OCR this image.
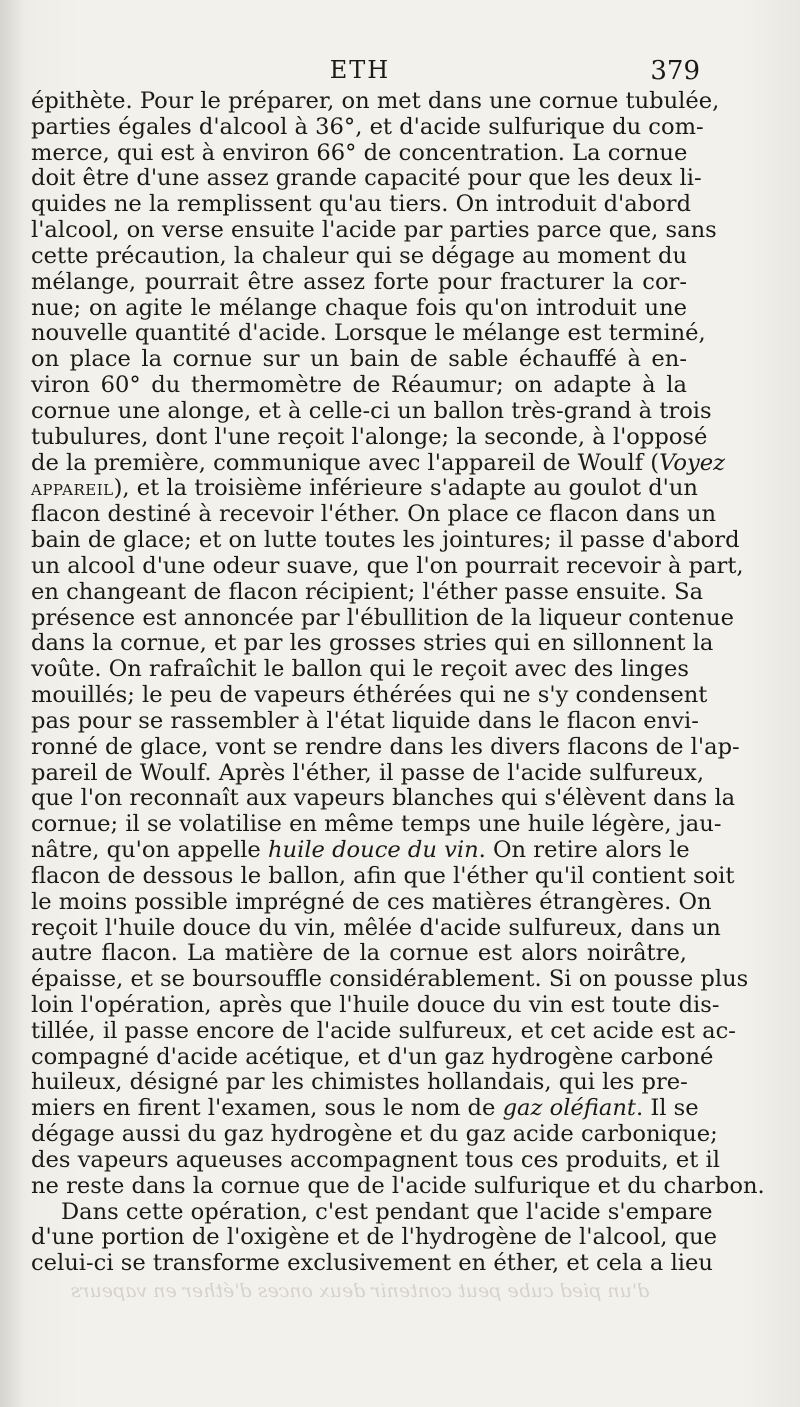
ETH	379
épithète. Pour le préparer, on met dans une cornue tubulée,
parties égales d'alcool à 36°, et d'acide sulfurique du com-
merce, qui est à environ 66° de concentration. La cornue
doit être d'une assez grande capacité pour que les deux li-
quides ne la remplissent qu'au tiers. On introduit d'abord
l'alcool, on verse ensuite l'acide par parties parce que, sans
cette précaution, la chaleur qui se dégage au moment du
mélange, pourrait être assez forte pour fracturer la cor-
nue; on agite le mélange chaque fois qu'on introduit une
nouvelle quantité d'acide. Lorsque le mélange est terminé,
on place la cornue sur un bain de sable échauffé à en-
viron 60° du thermomètre de Réaumur; on adapte à la
cornue une alonge, et à celle-ci un ballon très-grand à trois
tubulures, dont l'une reçoit l'alonge; la seconde, à l'opposé
de la première, communique avec l'appareil de Woulf (Voyez
APPAREIL), et la troisième inférieure s'adapte au goulot d'un
flacon destiné à recevoir l'éther. On place ce flacon dans un
bain de glace; et on lutte toutes les jointures; il passe d'abord
un alcool d'une odeur suave, que l'on pourrait recevoir à part,
en changeant de flacon récipient; l'éther passe ensuite. Sa
présence est annoncée par l'ébullition de la liqueur contenue
dans la cornue, et par les grosses stries qui en sillonnent la
voûte. On rafraîchit le ballon qui le reçoit avec des linges
mouillés; le peu de vapeurs éthérées qui ne s'y condensent
pas pour se rassembler à l'état liquide dans le flacon envi-
ronné de glace, vont se rendre dans les divers flacons de l'ap-
pareil de Woulf. Après l'éther, il passe de l'acide sulfureux,
que l'on reconnaît aux vapeurs blanches qui s'élèvent dans la
cornue; il se volatilise en même temps une huile légère, jau-
nâtre, qu'on appelle huile douce du vin. On retire alors le
flacon de dessous le ballon, afin que l'éther qu'il contient soit
le moins possible imprégné de ces matières étrangères. On
reçoit l'huile douce du vin, mêlée d'acide sulfureux, dans un
autre flacon. La matière de la cornue est alors noirâtre,
épaisse, et se boursouffle considérablement. Si on pousse plus
loin l'opération, après que l'huile douce du vin est toute dis-
tillée, il passe encore de l'acide sulfureux, et cet acide est ac-
compagné d'acide acétique, et d'un gaz hydrogène carboné
huileux, désigné par les chimistes hollandais, qui les pre-
miers en firent l'examen, sous le nom de gaz oléfiant. Il se
dégage aussi du gaz hydrogène et du gaz acide carbonique;
des vapeurs aqueuses accompagnent tous ces produits, et il
ne reste dans la cornue que de l'acide sulfurique et du charbon.
Dans cette opération, c'est pendant que l'acide s'empare
d'une portion de l'oxigène et de l'hydrogène de l'alcool, que
celui-ci se transforme exclusivement en éther, et cela a lieu
d'un pied cube peut contenir deux onces d'éther en vapeurs
